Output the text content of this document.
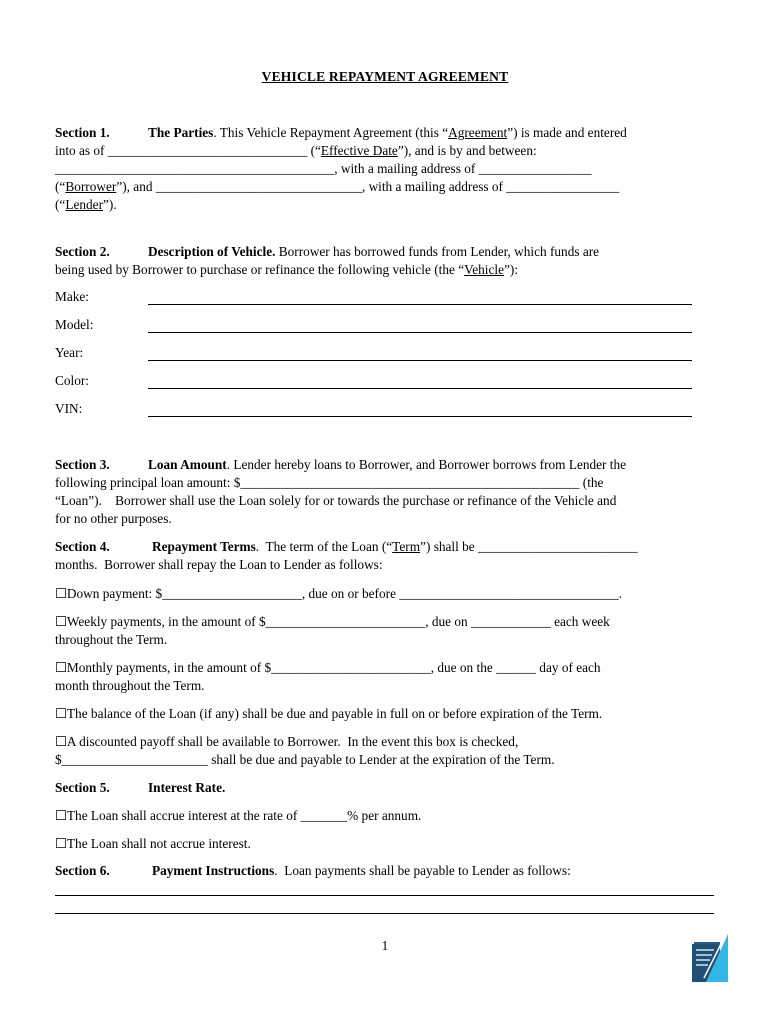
VEHICLE REPAYMENT AGREEMENT
Section 1.	The Parties. This Vehicle Repayment Agreement (this “Agreement”) is made and entered
into as of ______________________________ (“Effective Date”), and is by and between:
__________________________________________, with a mailing address of _________________
(“Borrower”), and _______________________________, with a mailing address of _________________
(“Lender”).
Section 2.	Description of Vehicle. Borrower has borrowed funds from Lender, which funds are
being used by Borrower to purchase or refinance the following vehicle (the “Vehicle”):
Make:
Model:
Year:
Color:
VIN:
Section 3.	Loan Amount. Lender hereby loans to Borrower, and Borrower borrows from Lender the
following principal loan amount: $___________________________________________________ (the
“Loan”).    Borrower shall use the Loan solely for or towards the purchase or refinance of the Vehicle and
for no other purposes.
Section 4.	Repayment Terms.  The term of the Loan (“Term”) shall be ________________________
months.  Borrower shall repay the Loan to Lender as follows:
☐Down payment: $_____________________, due on or before _________________________________.
☐Weekly payments, in the amount of $________________________, due on ____________ each week
throughout the Term.
☐Monthly payments, in the amount of $________________________, due on the ______ day of each
month throughout the Term.
☐The balance of the Loan (if any) shall be due and payable in full on or before expiration of the Term.
☐A discounted payoff shall be available to Borrower.  In the event this box is checked,
$______________________ shall be due and payable to Lender at the expiration of the Term.
Section 5.	Interest Rate.
☐The Loan shall accrue interest at the rate of _______% per annum.
☐The Loan shall not accrue interest.
Section 6.	Payment Instructions.  Loan payments shall be payable to Lender as follows:
1
